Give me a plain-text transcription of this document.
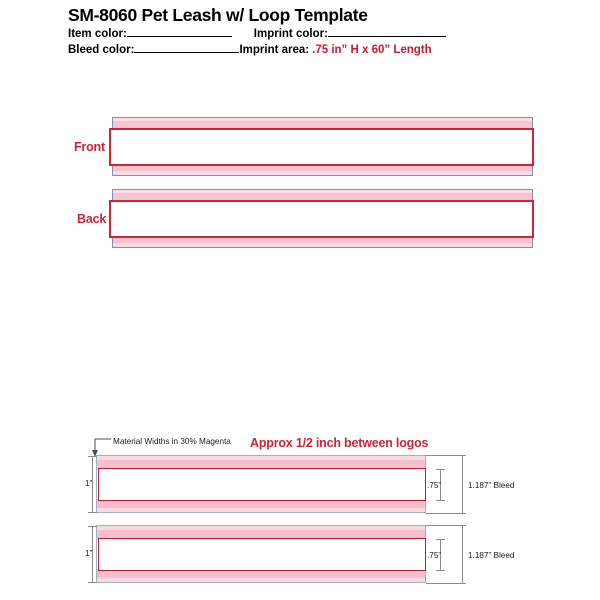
SM-8060 Pet Leash w/ Loop Template
Item color:	Imprint color:
Bleed color:	Imprint area: .75 in” H x 60” Length
Front
Back
Material Widths in 30% Magenta Approx 1/2 inch between logos
1”	.75”	1.187” Bleed
1”	.75”	1.187” Bleed
